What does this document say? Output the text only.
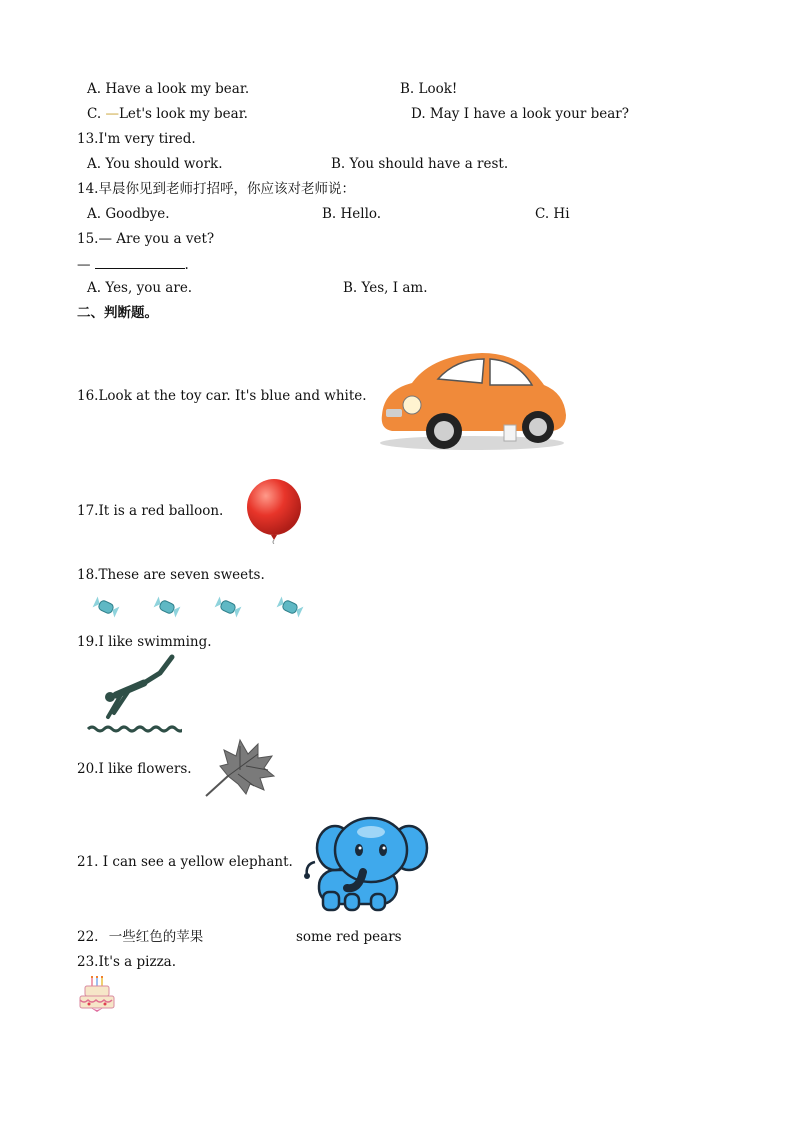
A. Have a look my bear.	B. Look!
C. —Let's look my bear.	D. May I have a look your bear?
13.I'm very tired.
A. You should work.	B. You should have a rest.
14.早晨你见到老师打招呼，你应该对老师说：
A. Goodbye.	B. Hello.	C. Hi
15.— Are you a vet?
—	.
A. Yes, you are.	B. Yes, I am.
二、判断题。
16.Look at the toy car. It's blue and white.
17.It is a red balloon.
18.These are seven sweets.
19.I like swimming.
20.I like flowers.
21. I can see a yellow elephant.
22. 一些红色的苹果	some red pears
23.It's a pizza.
